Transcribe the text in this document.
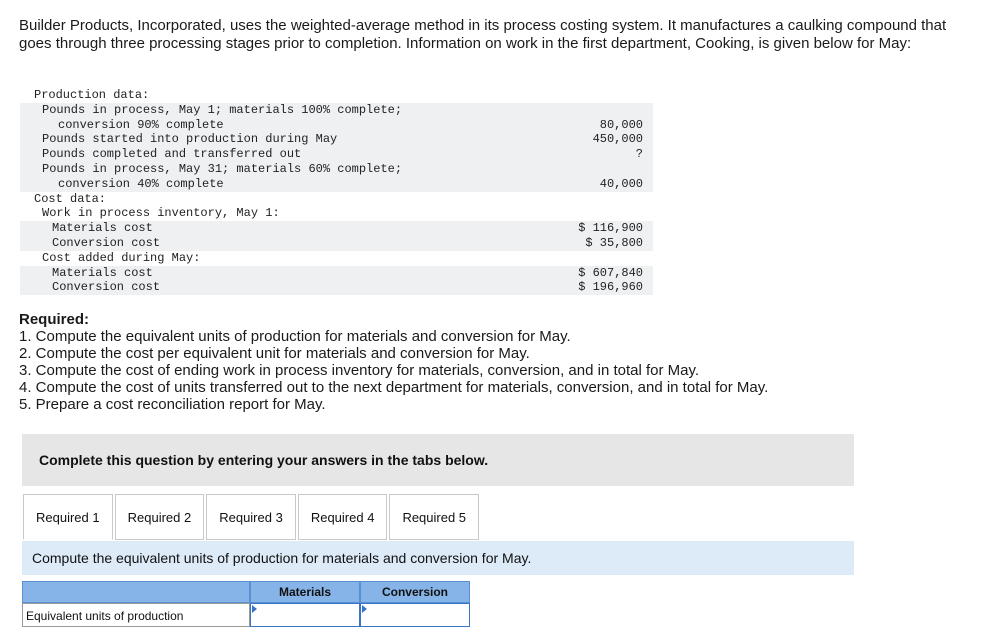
Builder Products, Incorporated, uses the weighted-average method in its process costing system. It manufactures a caulking compound that goes through three processing stages prior to completion. Information on work in the first department, Cooking, is given below for May:
Production data:	
Pounds in process, May 1; materials 100% complete;	
conversion 90% complete	80,000
Pounds started into production during May	450,000
Pounds completed and transferred out	?
Pounds in process, May 31; materials 60% complete;	
conversion 40% complete	40,000
Cost data:	
Work in process inventory, May 1:	
Materials cost	$ 116,900
Conversion cost	$ 35,800
Cost added during May:	
Materials cost	$ 607,840
Conversion cost	$ 196,960
Required:
1. Compute the equivalent units of production for materials and conversion for May.
2. Compute the cost per equivalent unit for materials and conversion for May.
3. Compute the cost of ending work in process inventory for materials, conversion, and in total for May.
4. Compute the cost of units transferred out to the next department for materials, conversion, and in total for May.
5. Prepare a cost reconciliation report for May.
Complete this question by entering your answers in the tabs below.
Required 1	Required 2	Required 3	Required 4	Required 5
Compute the equivalent units of production for materials and conversion for May.
Materials	Conversion
Equivalent units of production
